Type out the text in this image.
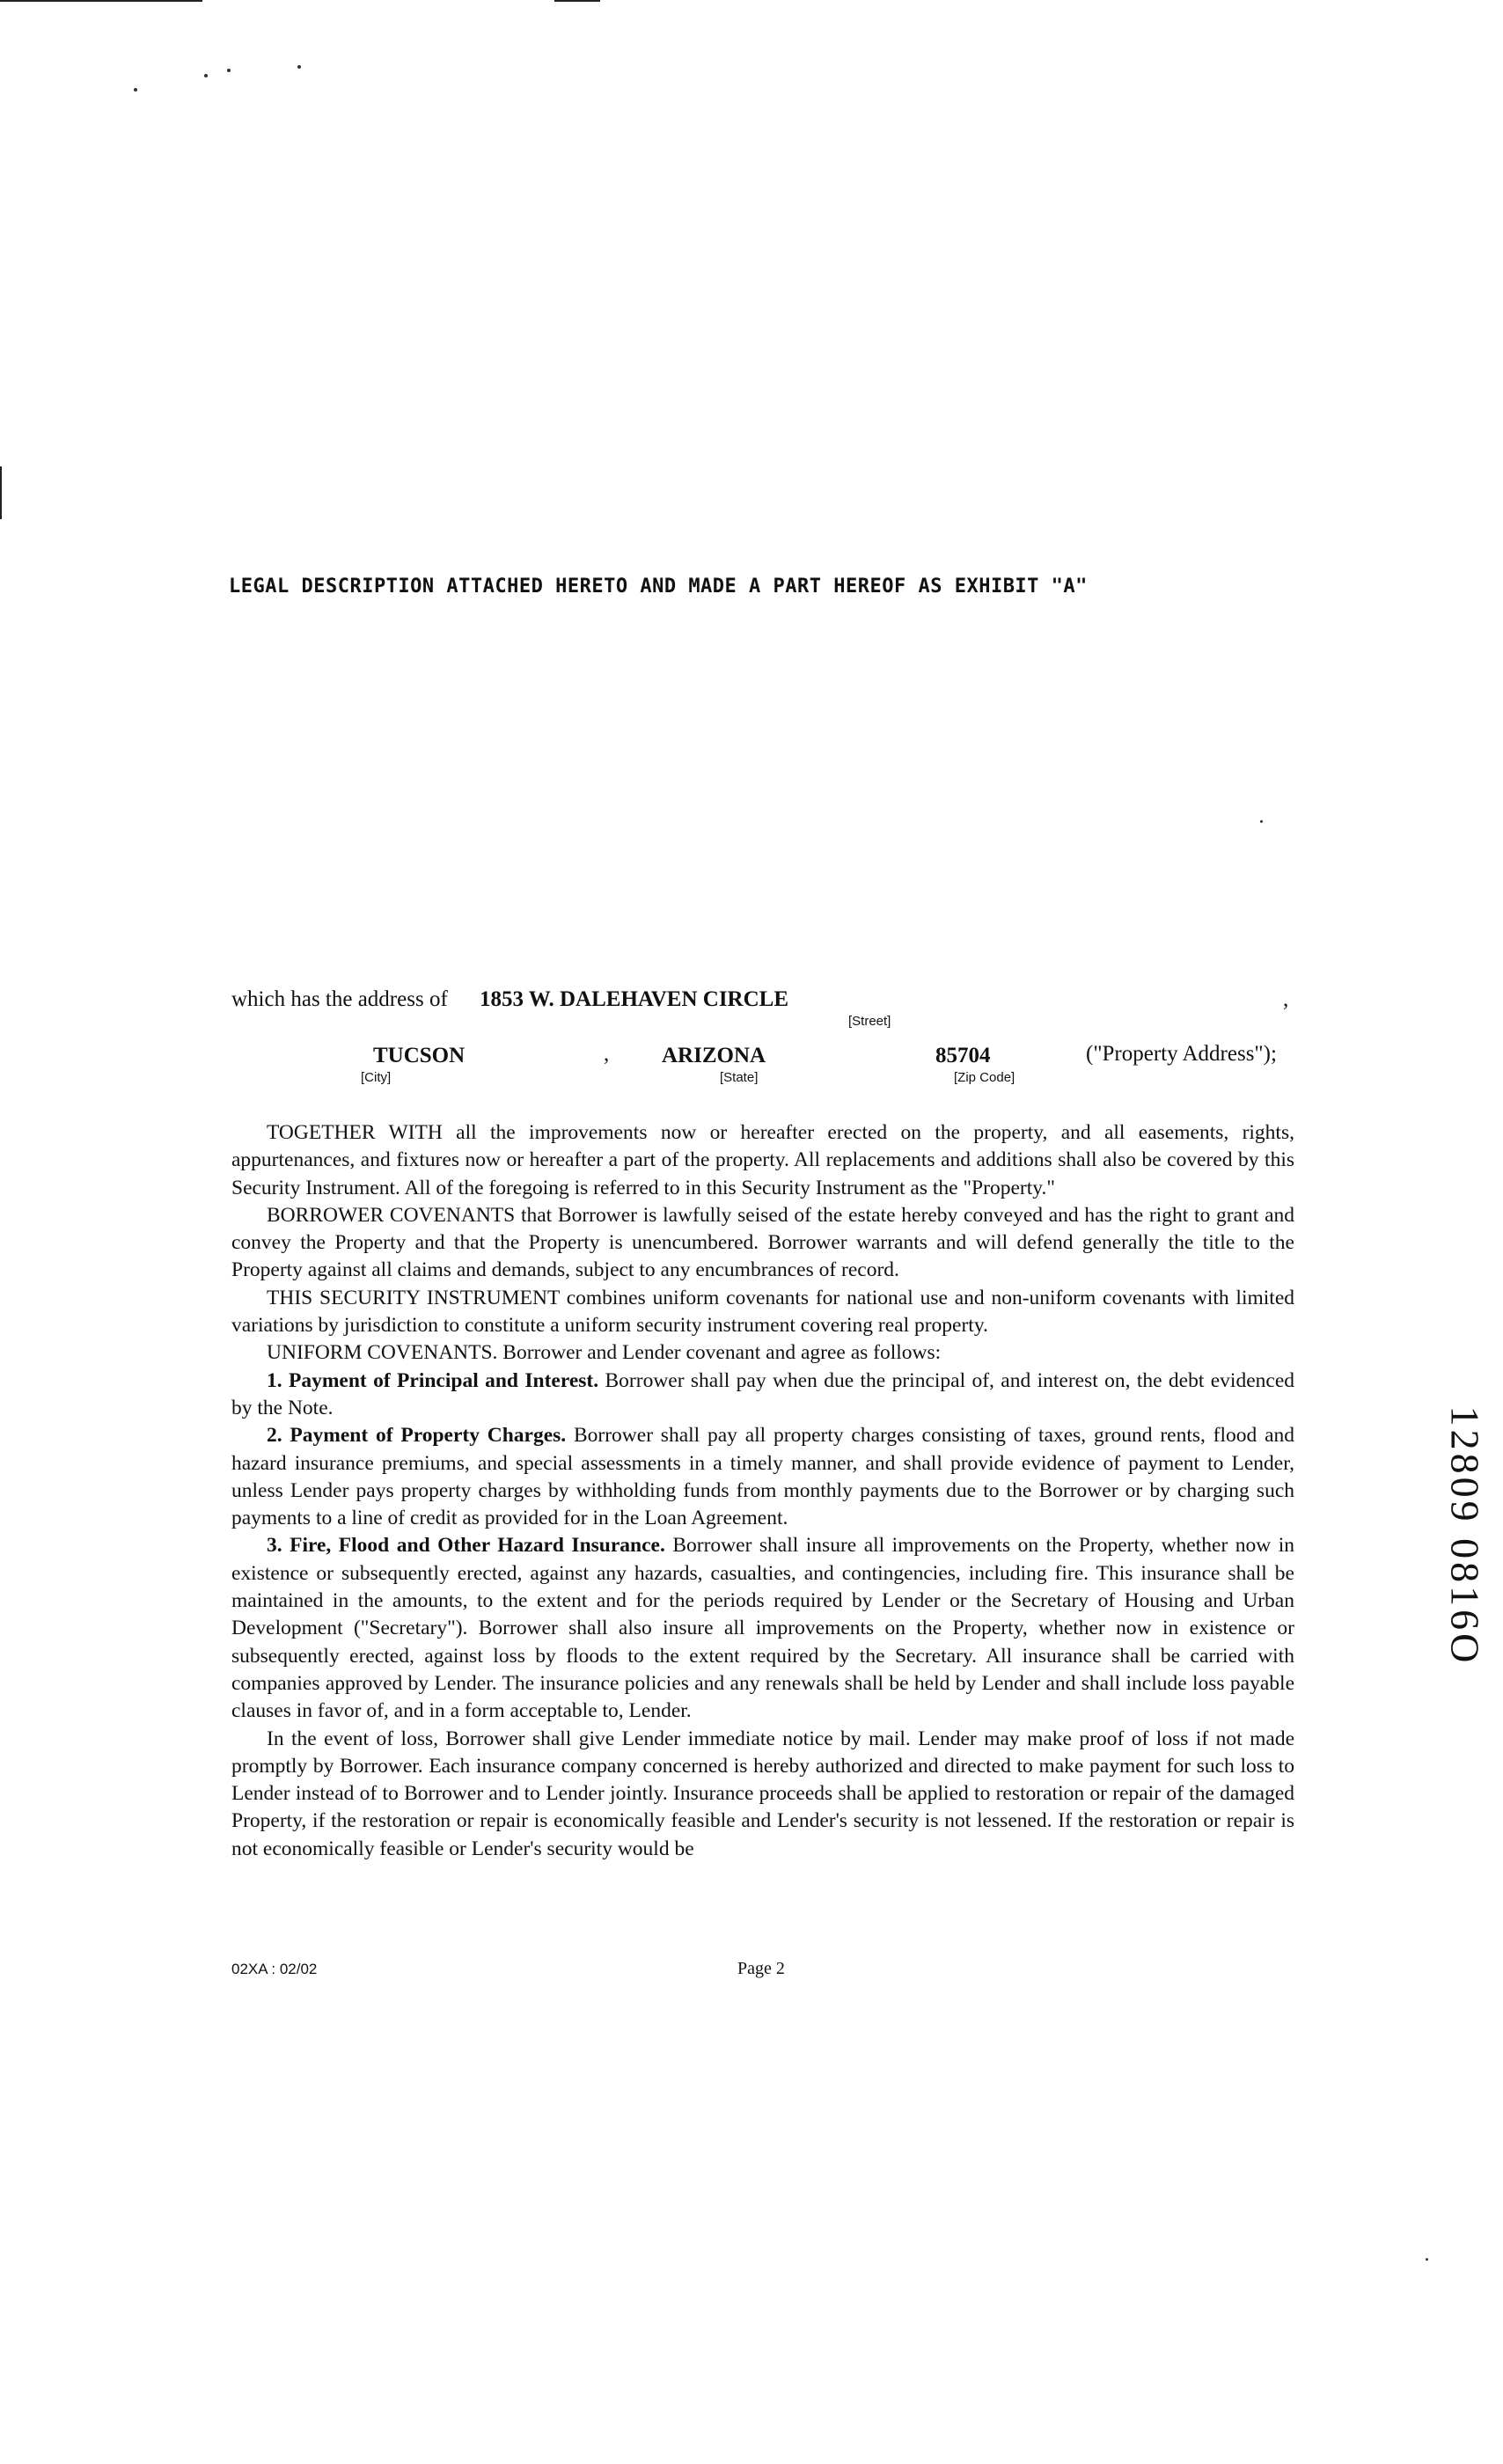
LEGAL DESCRIPTION ATTACHED HERETO AND MADE A PART HEREOF AS EXHIBIT "A"
which has the address of 1853 W. DALEHAVEN CIRCLE	,
[Street]
TUCSON	, ARIZONA	85704	("Property Address");
[City]	[State]	[Zip Code]

TOGETHER WITH all the improvements now or hereafter erected on the property, and all easements, rights, appurtenances, and fixtures now or hereafter a part of the property. All replacements and additions shall also be covered by this Security Instrument. All of the foregoing is referred to in this Security Instrument as the "Property."

BORROWER COVENANTS that Borrower is lawfully seised of the estate hereby conveyed and has the right to grant and convey the Property and that the Property is unencumbered. Borrower warrants and will defend generally the title to the Property against all claims and demands, subject to any encumbrances of record.

THIS SECURITY INSTRUMENT combines uniform covenants for national use and non-uniform covenants with limited variations by jurisdiction to constitute a uniform security instrument covering real property.

UNIFORM COVENANTS. Borrower and Lender covenant and agree as follows:

1. Payment of Principal and Interest. Borrower shall pay when due the principal of, and interest on, the debt evidenced by the Note.

2. Payment of Property Charges. Borrower shall pay all property charges consisting of taxes, ground rents, flood and hazard insurance premiums, and special assessments in a timely manner, and shall provide evidence of payment to Lender, unless Lender pays property charges by withholding funds from monthly payments due to the Borrower or by charging such payments to a line of credit as provided for in the Loan Agreement.

3. Fire, Flood and Other Hazard Insurance. Borrower shall insure all improvements on the Property, whether now in existence or subsequently erected, against any hazards, casualties, and contingencies, including fire. This insurance shall be maintained in the amounts, to the extent and for the periods required by Lender or the Secretary of Housing and Urban Development ("Secretary"). Borrower shall also insure all improvements on the Property, whether now in existence or subsequently erected, against loss by floods to the extent required by the Secretary. All insurance shall be carried with companies approved by Lender. The insurance policies and any renewals shall be held by Lender and shall include loss payable clauses in favor of, and in a form acceptable to, Lender.

In the event of loss, Borrower shall give Lender immediate notice by mail. Lender may make proof of loss if not made promptly by Borrower. Each insurance company concerned is hereby authorized and directed to make payment for such loss to Lender instead of to Borrower and to Lender jointly. Insurance proceeds shall be applied to restoration or repair of the damaged Property, if the restoration or repair is economically feasible and Lender's security is not lessened. If the restoration or repair is not economically feasible or Lender's security would be

02XA : 02/02	Page 2
12809 0816O
